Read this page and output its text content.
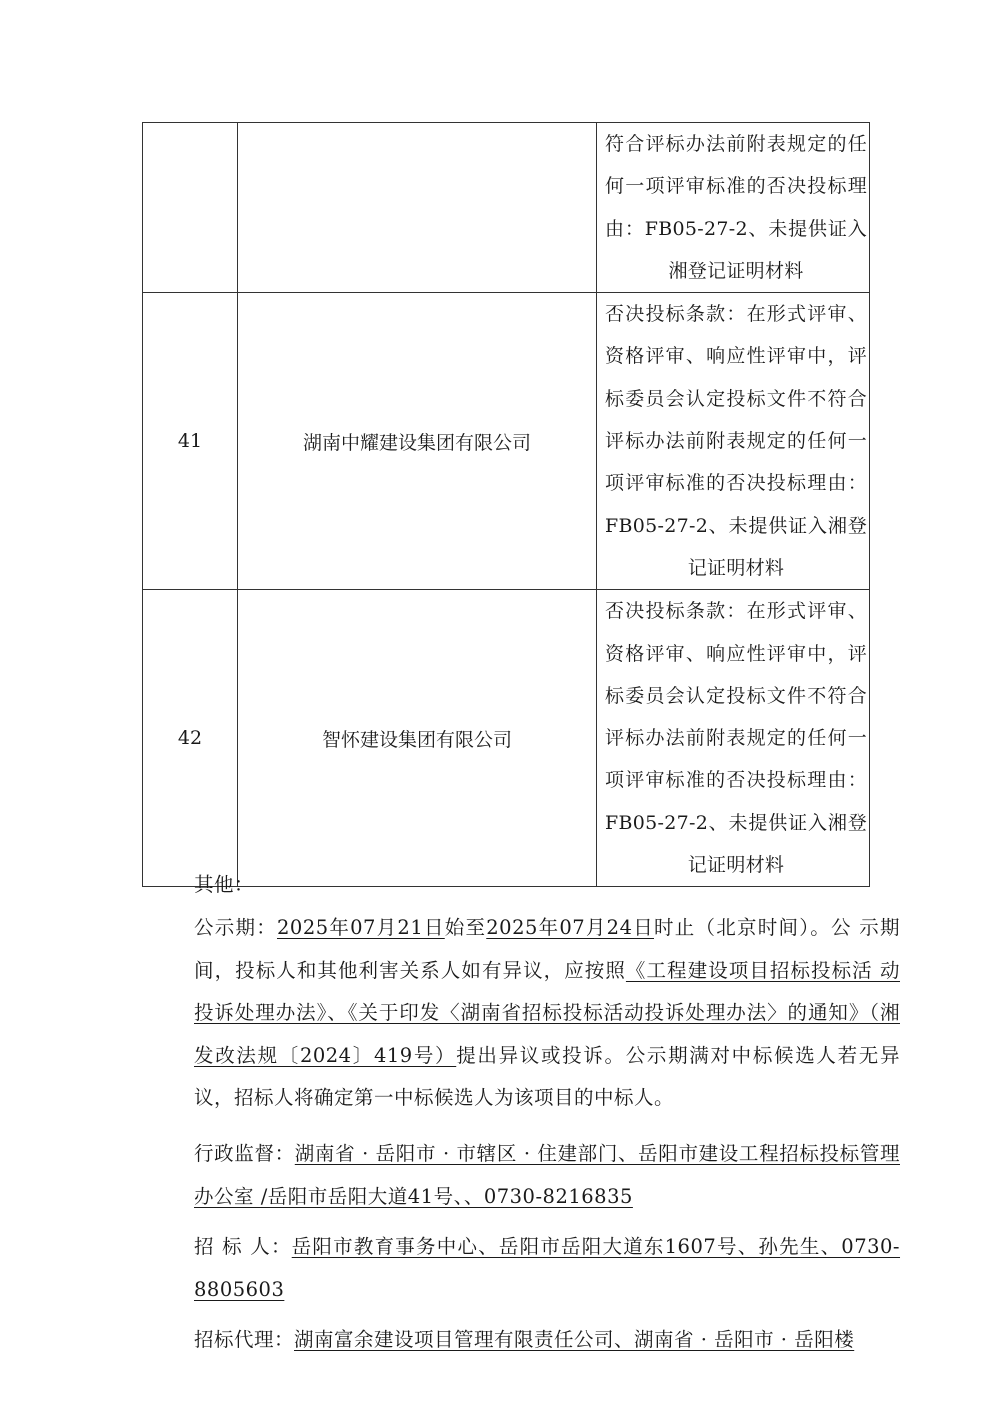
		符合评标办法前附表规定的任何一项评审标准的否决投标理由：FB05-27-2、未提供证入湘登记证明材料
41	湖南中耀建设集团有限公司	否决投标条款：在形式评审、资格评审、响应性评审中，评标委员会认定投标文件不符合评标办法前附表规定的任何一项评审标准的否决投标理由：FB05-27-2、未提供证入湘登记证明材料
42	智怀建设集团有限公司	否决投标条款：在形式评审、资格评审、响应性评审中，评标委员会认定投标文件不符合评标办法前附表规定的任何一项评审标准的否决投标理由：FB05-27-2、未提供证入湘登记证明材料
其他：
公示期：2025年07月21日始至2025年07月24日时止（北京时间）。公 示期间，投标人和其他利害关系人如有异议，应按照《工程建设项目招标投标活 动投诉处理办法》、《关于印发〈湖南省招标投标活动投诉处理办法〉的通知》（湘发改法规〔2024〕419号）提出异议或投诉。公示期满对中标候选人若无异议，招标人将确定第一中标候选人为该项目的中标人。
行政监督：湖南省 · 岳阳市 · 市辖区 · 住建部门、岳阳市建设工程招标投标管理办公室 /岳阳市岳阳大道41号、、0730-8216835
招 标 人：岳阳市教育事务中心、岳阳市岳阳大道东1607号、孙先生、0730-8805603
招标代理：湖南富余建设项目管理有限责任公司、湖南省 · 岳阳市 · 岳阳楼
